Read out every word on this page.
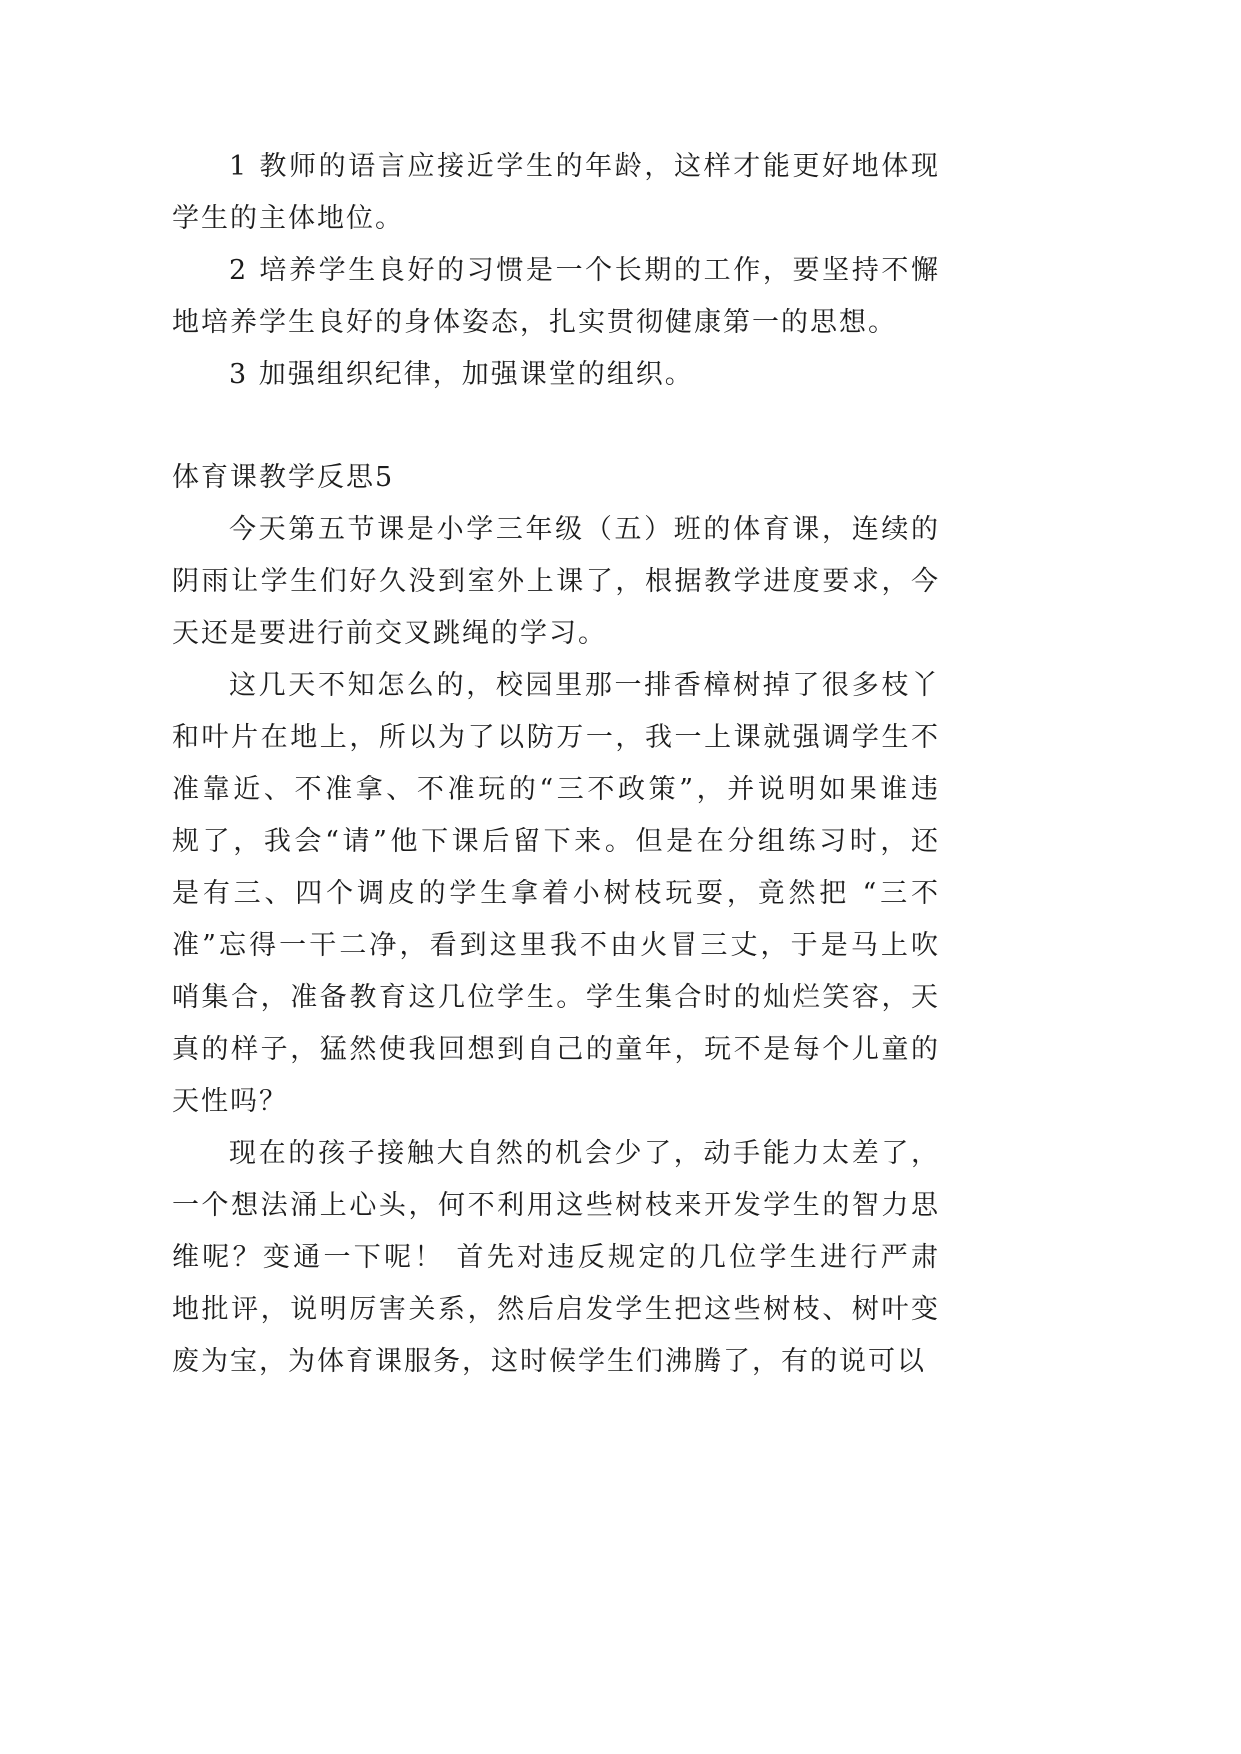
1 教师的语言应接近学生的年龄，这样才能更好地体现
学生的主体地位。
2 培养学生良好的习惯是一个长期的工作，要坚持不懈
地培养学生良好的身体姿态，扎实贯彻健康第一的思想。
3 加强组织纪律，加强课堂的组织。
体育课教学反思5
今天第五节课是小学三年级（五）班的体育课，连续的
阴雨让学生们好久没到室外上课了，根据教学进度要求，今
天还是要进行前交叉跳绳的学习。
这几天不知怎么的，校园里那一排香樟树掉了很多枝丫
和叶片在地上，所以为了以防万一，我一上课就强调学生不
准靠近、不准拿、不准玩的“三不政策”，并说明如果谁违
规了，我会“请”他下课后留下来。但是在分组练习时，还
是有三、四个调皮的学生拿着小树枝玩耍，竟然把 “三不
准”忘得一干二净，看到这里我不由火冒三丈，于是马上吹
哨集合，准备教育这几位学生。学生集合时的灿烂笑容，天
真的样子，猛然使我回想到自己的童年，玩不是每个儿童的
天性吗？
现在的孩子接触大自然的机会少了，动手能力太差了，
一个想法涌上心头，何不利用这些树枝来开发学生的智力思
维呢？变通一下呢！ 首先对违反规定的几位学生进行严肃
地批评，说明厉害关系，然后启发学生把这些树枝、树叶变
废为宝，为体育课服务，这时候学生们沸腾了，有的说可以
